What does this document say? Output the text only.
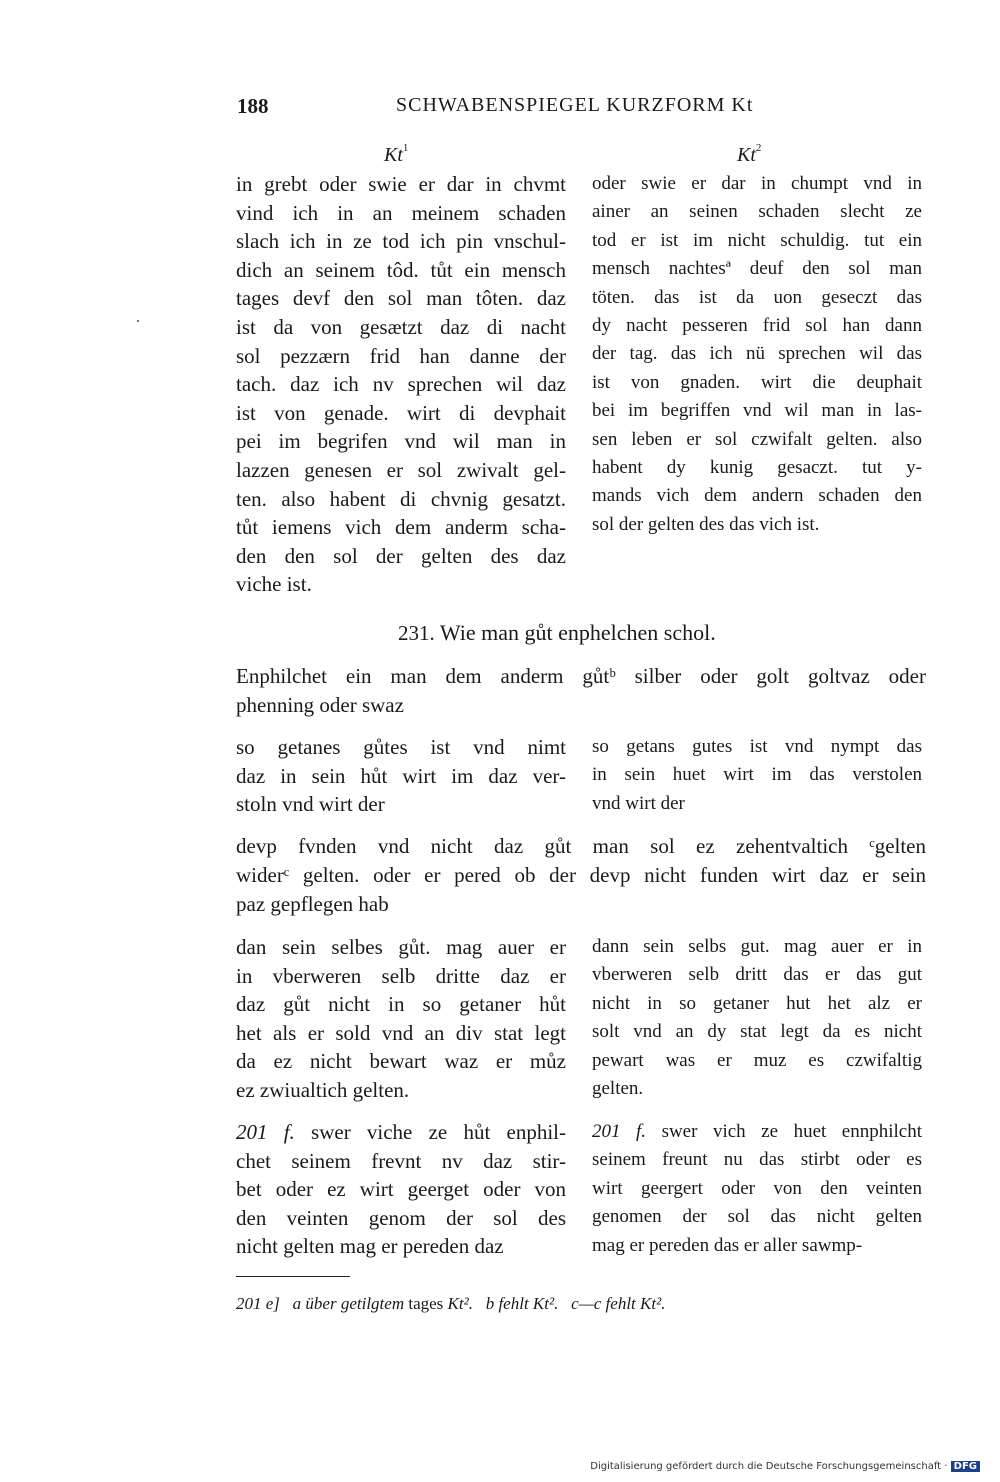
188	SCHWABENSPIEGEL KURZFORM Kt
Kt$^1$	Kt$^2$
in grebt oder swie er dar in chvmt
vind ich in an meinem schaden
slach ich in ze tod ich pin vnschul-
dich an seinem tôd. tůt ein mensch
tages devf den sol man tôten. daz
ist da von gesætzt daz di nacht
sol pezzærn frid han danne der
tach. daz ich nv sprechen wil daz
ist von genade. wirt di devphait
pei im begrifen vnd wil man in
lazzen genesen er sol zwivalt gel-
ten. also habent di chvnig gesatzt.
tůt iemens vich dem anderm scha-
den den sol der gelten des daz
viche ist.
oder swie er dar in chumpt vnd in
ainer an seinen schaden slecht ze
tod er ist im nicht schuldig. tut ein
mensch nachtesª deuf den sol man
töten. das ist da uon geseczt das
dy nacht pesseren frid sol han dann
der tag. das ich nü sprechen wil das
ist von gnaden. wirt die deuphait
bei im begriffen vnd wil man in las-
sen leben er sol czwifalt gelten. also
habent dy kunig gesaczt. tut y-
mands vich dem andern schaden den
sol der gelten des das vich ist.
231. Wie man gůt enphelchen schol.
Enphilchet ein man dem anderm gůtᵇ silber oder golt goltvaz oder
phenning oder swaz
so getanes gůtes ist vnd nimt
daz in sein hůt wirt im daz ver-
stoln vnd wirt der
so getans gutes ist vnd nympt das
in sein huet wirt im das verstolen
vnd wirt der
devp fvnden vnd nicht daz gůt man sol ez zehentvaltich ᶜgelten
widerᶜ gelten. oder er pered ob der devp nicht funden wirt daz er sein
paz gepflegen hab
dan sein selbes gůt. mag auer er
in vberweren selb dritte daz er
daz gůt nicht in so getaner hůt
het als er sold vnd an div stat legt
da ez nicht bewart waz er můz
ez zwiualtich gelten.
dann sein selbs gut. mag auer er in
vberweren selb dritt das er das gut
nicht in so getaner hut het alz er
solt vnd an dy stat legt da es nicht
pewart was er muz es czwifaltig
gelten.
201 f. swer viche ze hůt enphil-
chet seinem frevnt nv daz stir-
bet oder ez wirt geerget oder von
den veinten genom der sol des
nicht gelten mag er pereden daz
201 f. swer vich ze huet ennphilcht
seinem freunt nu das stirbt oder es
wirt geergert oder von den veinten
genomen der sol das nicht gelten
mag er pereden das er aller sawmp-
201 e] a über getilgtem tages Kt². b fehlt Kt². c—c fehlt Kt².
Digitalisierung gefördert durch die Deutsche Forschungsgemeinschaft · DFG
